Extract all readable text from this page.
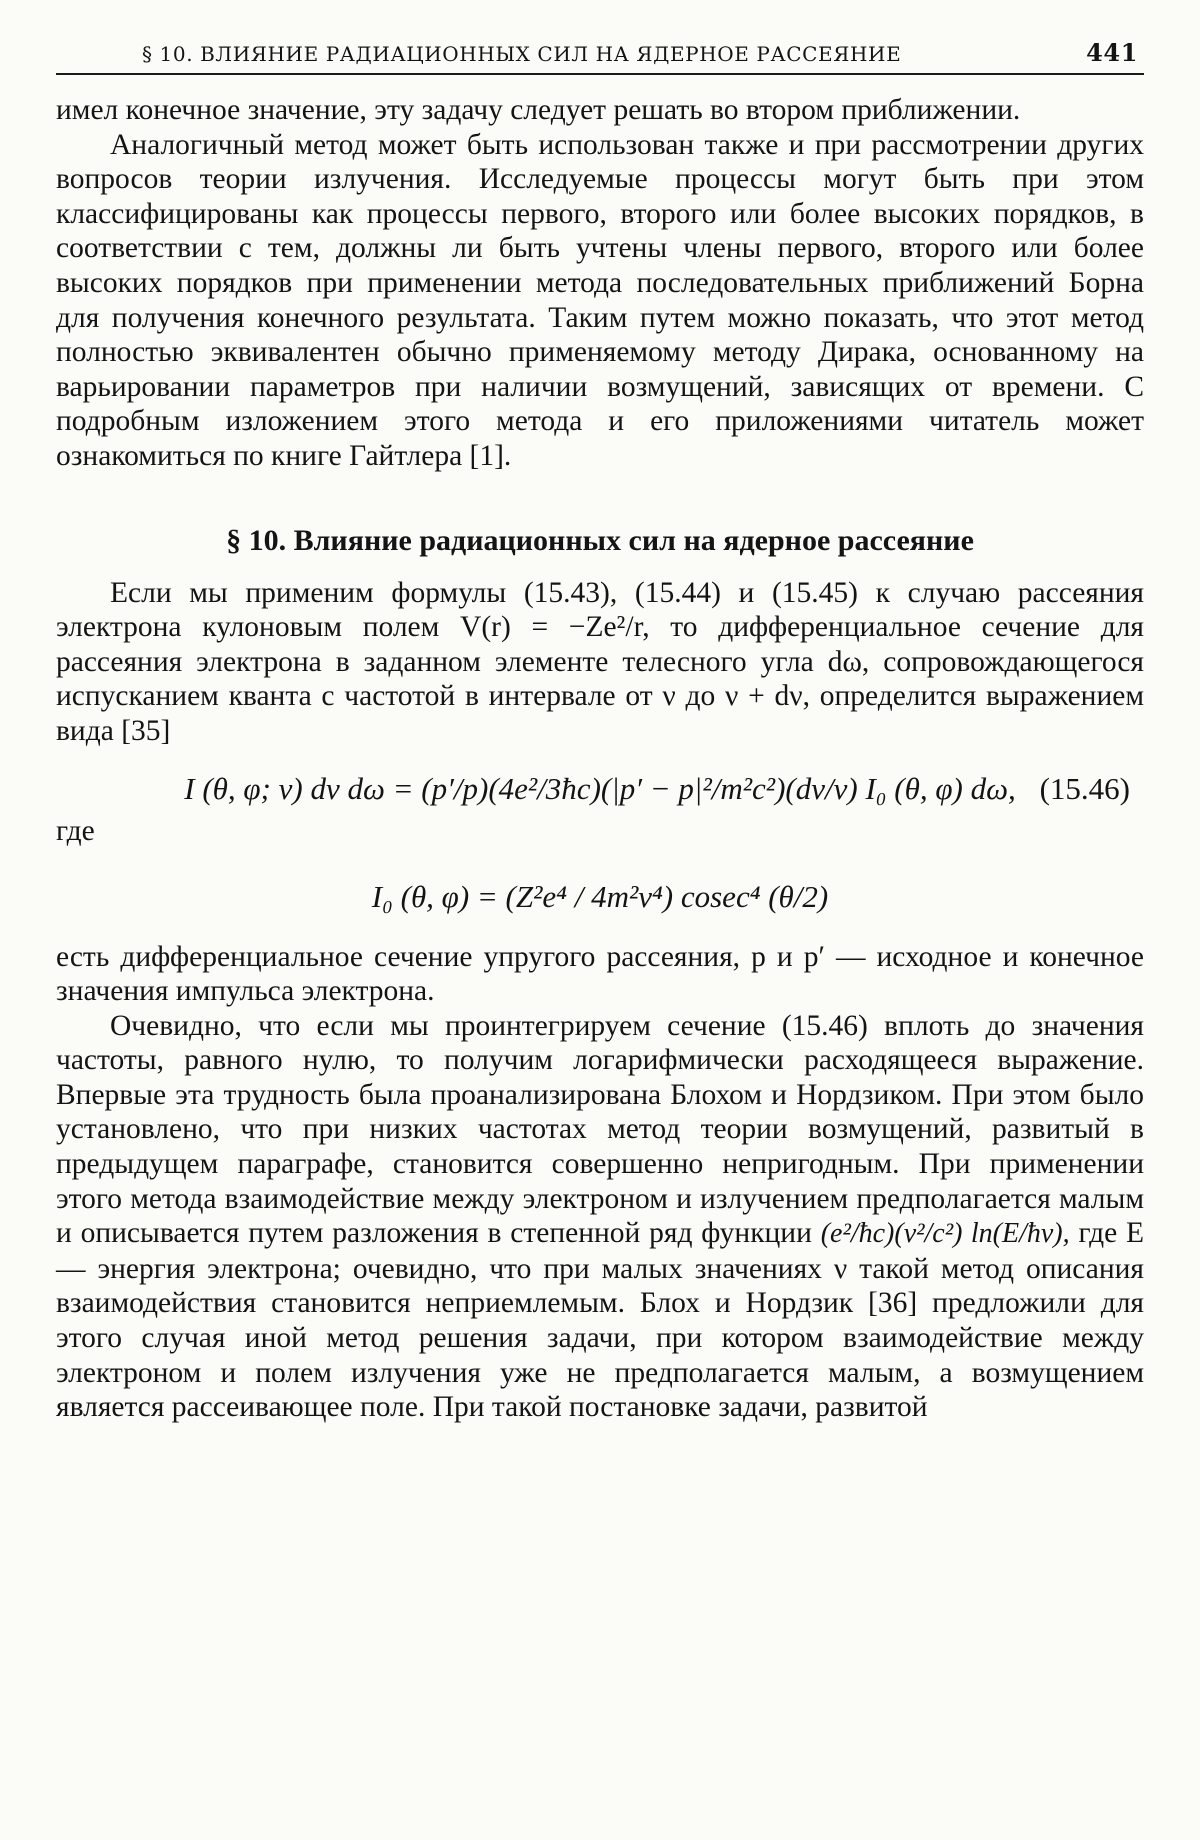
§ 10. ВЛИЯНИЕ РАДИАЦИОННЫХ СИЛ НА ЯДЕРНОЕ РАССЕЯНИЕ	441

имел конечное значение, эту задачу следует решать во втором приближении.

Аналогичный метод может быть использован также и при рассмотрении других вопросов теории излучения. Исследуемые процессы могут быть при этом классифицированы как процессы первого, второго или более высоких порядков, в соответствии с тем, должны ли быть учтены члены первого, второго или более высоких порядков при применении метода последовательных приближений Борна для получения конечного результата. Таким путем можно показать, что этот метод полностью эквивалентен обычно применяемому методу Дирака, основанному на варьировании параметров при наличии возмущений, зависящих от времени. С подробным изложением этого метода и его приложениями читатель может ознакомиться по книге Гайтлера [1].

§ 10. Влияние радиационных сил на ядерное рассеяние

Если мы применим формулы (15.43), (15.44) и (15.45) к случаю рассеяния электрона кулоновым полем V(r) = −Ze²/r, то дифференциальное сечение для рассеяния электрона в заданном элементе телесного угла dω, сопровождающегося испусканием кванта с частотой в интервале от ν до ν + dν, определится выражением вида [35]

I (θ, φ; ν) dν dω = (p′/p)(4e²/3ħc)(|p′ − p|²/m²c²)(dν/ν) I₀ (θ, φ) dω, (15.46)

где

I₀ (θ, φ) = (Z²e⁴ / 4m²v⁴) cosec⁴ (θ/2)

есть дифференциальное сечение упругого рассеяния, p и p′ — исходное и конечное значения импульса электрона.

Очевидно, что если мы проинтегрируем сечение (15.46) вплоть до значения частоты, равного нулю, то получим логарифмически расходящееся выражение. Впервые эта трудность была проанализирована Блохом и Нордзиком. При этом было установлено, что при низких частотах метод теории возмущений, развитый в предыдущем параграфе, становится совершенно непригодным. При применении этого метода взаимодействие между электроном и излучением предполагается малым и описывается путем разложения в степенной ряд функции (e²/ħc)(v²/c²) ln(E/ħν), где E — энергия электрона; очевидно, что при малых значениях ν такой метод описания взаимодействия становится неприемлемым. Блох и Нордзик [36] предложили для этого случая иной метод решения задачи, при котором взаимодействие между электроном и полем излучения уже не предполагается малым, а возмущением является рассеивающее поле. При такой постановке задачи, развитой
